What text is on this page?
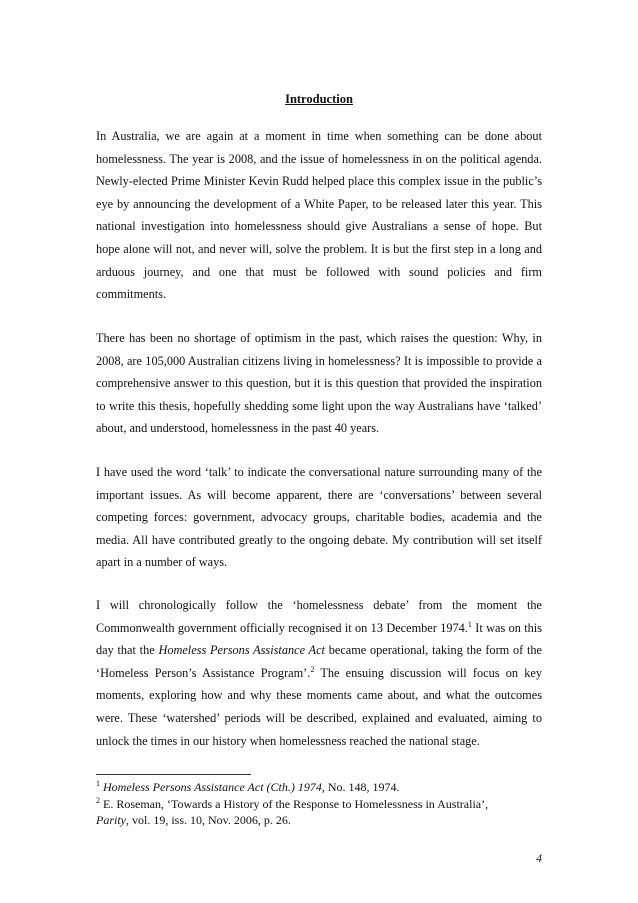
Introduction

In Australia, we are again at a moment in time when something can be done about homelessness. The year is 2008, and the issue of homelessness in on the political agenda. Newly-elected Prime Minister Kevin Rudd helped place this complex issue in the public’s eye by announcing the development of a White Paper, to be released later this year. This national investigation into homelessness should give Australians a sense of hope. But hope alone will not, and never will, solve the problem. It is but the first step in a long and arduous journey, and one that must be followed with sound policies and firm commitments.

There has been no shortage of optimism in the past, which raises the question: Why, in 2008, are 105,000 Australian citizens living in homelessness? It is impossible to provide a comprehensive answer to this question, but it is this question that provided the inspiration to write this thesis, hopefully shedding some light upon the way Australians have ‘talked’ about, and understood, homelessness in the past 40 years.

I have used the word ‘talk’ to indicate the conversational nature surrounding many of the important issues. As will become apparent, there are ‘conversations’ between several competing forces: government, advocacy groups, charitable bodies, academia and the media. All have contributed greatly to the ongoing debate. My contribution will set itself apart in a number of ways.

I will chronologically follow the ‘homelessness debate’ from the moment the Commonwealth government officially recognised it on 13 December 1974.$^1$ It was on this day that the Homeless Persons Assistance Act became operational, taking the form of the ‘Homeless Person’s Assistance Program’.$^2$ The ensuing discussion will focus on key moments, exploring how and why these moments came about, and what the outcomes were. These ‘watershed’ periods will be described, explained and evaluated, aiming to unlock the times in our history when homelessness reached the national stage.

$^1$ Homeless Persons Assistance Act (Cth.) 1974, No. 148, 1974.

$^2$ E. Roseman, ‘Towards a History of the Response to Homelessness in Australia’,
Parity, vol. 19, iss. 10, Nov. 2006, p. 26.

4
